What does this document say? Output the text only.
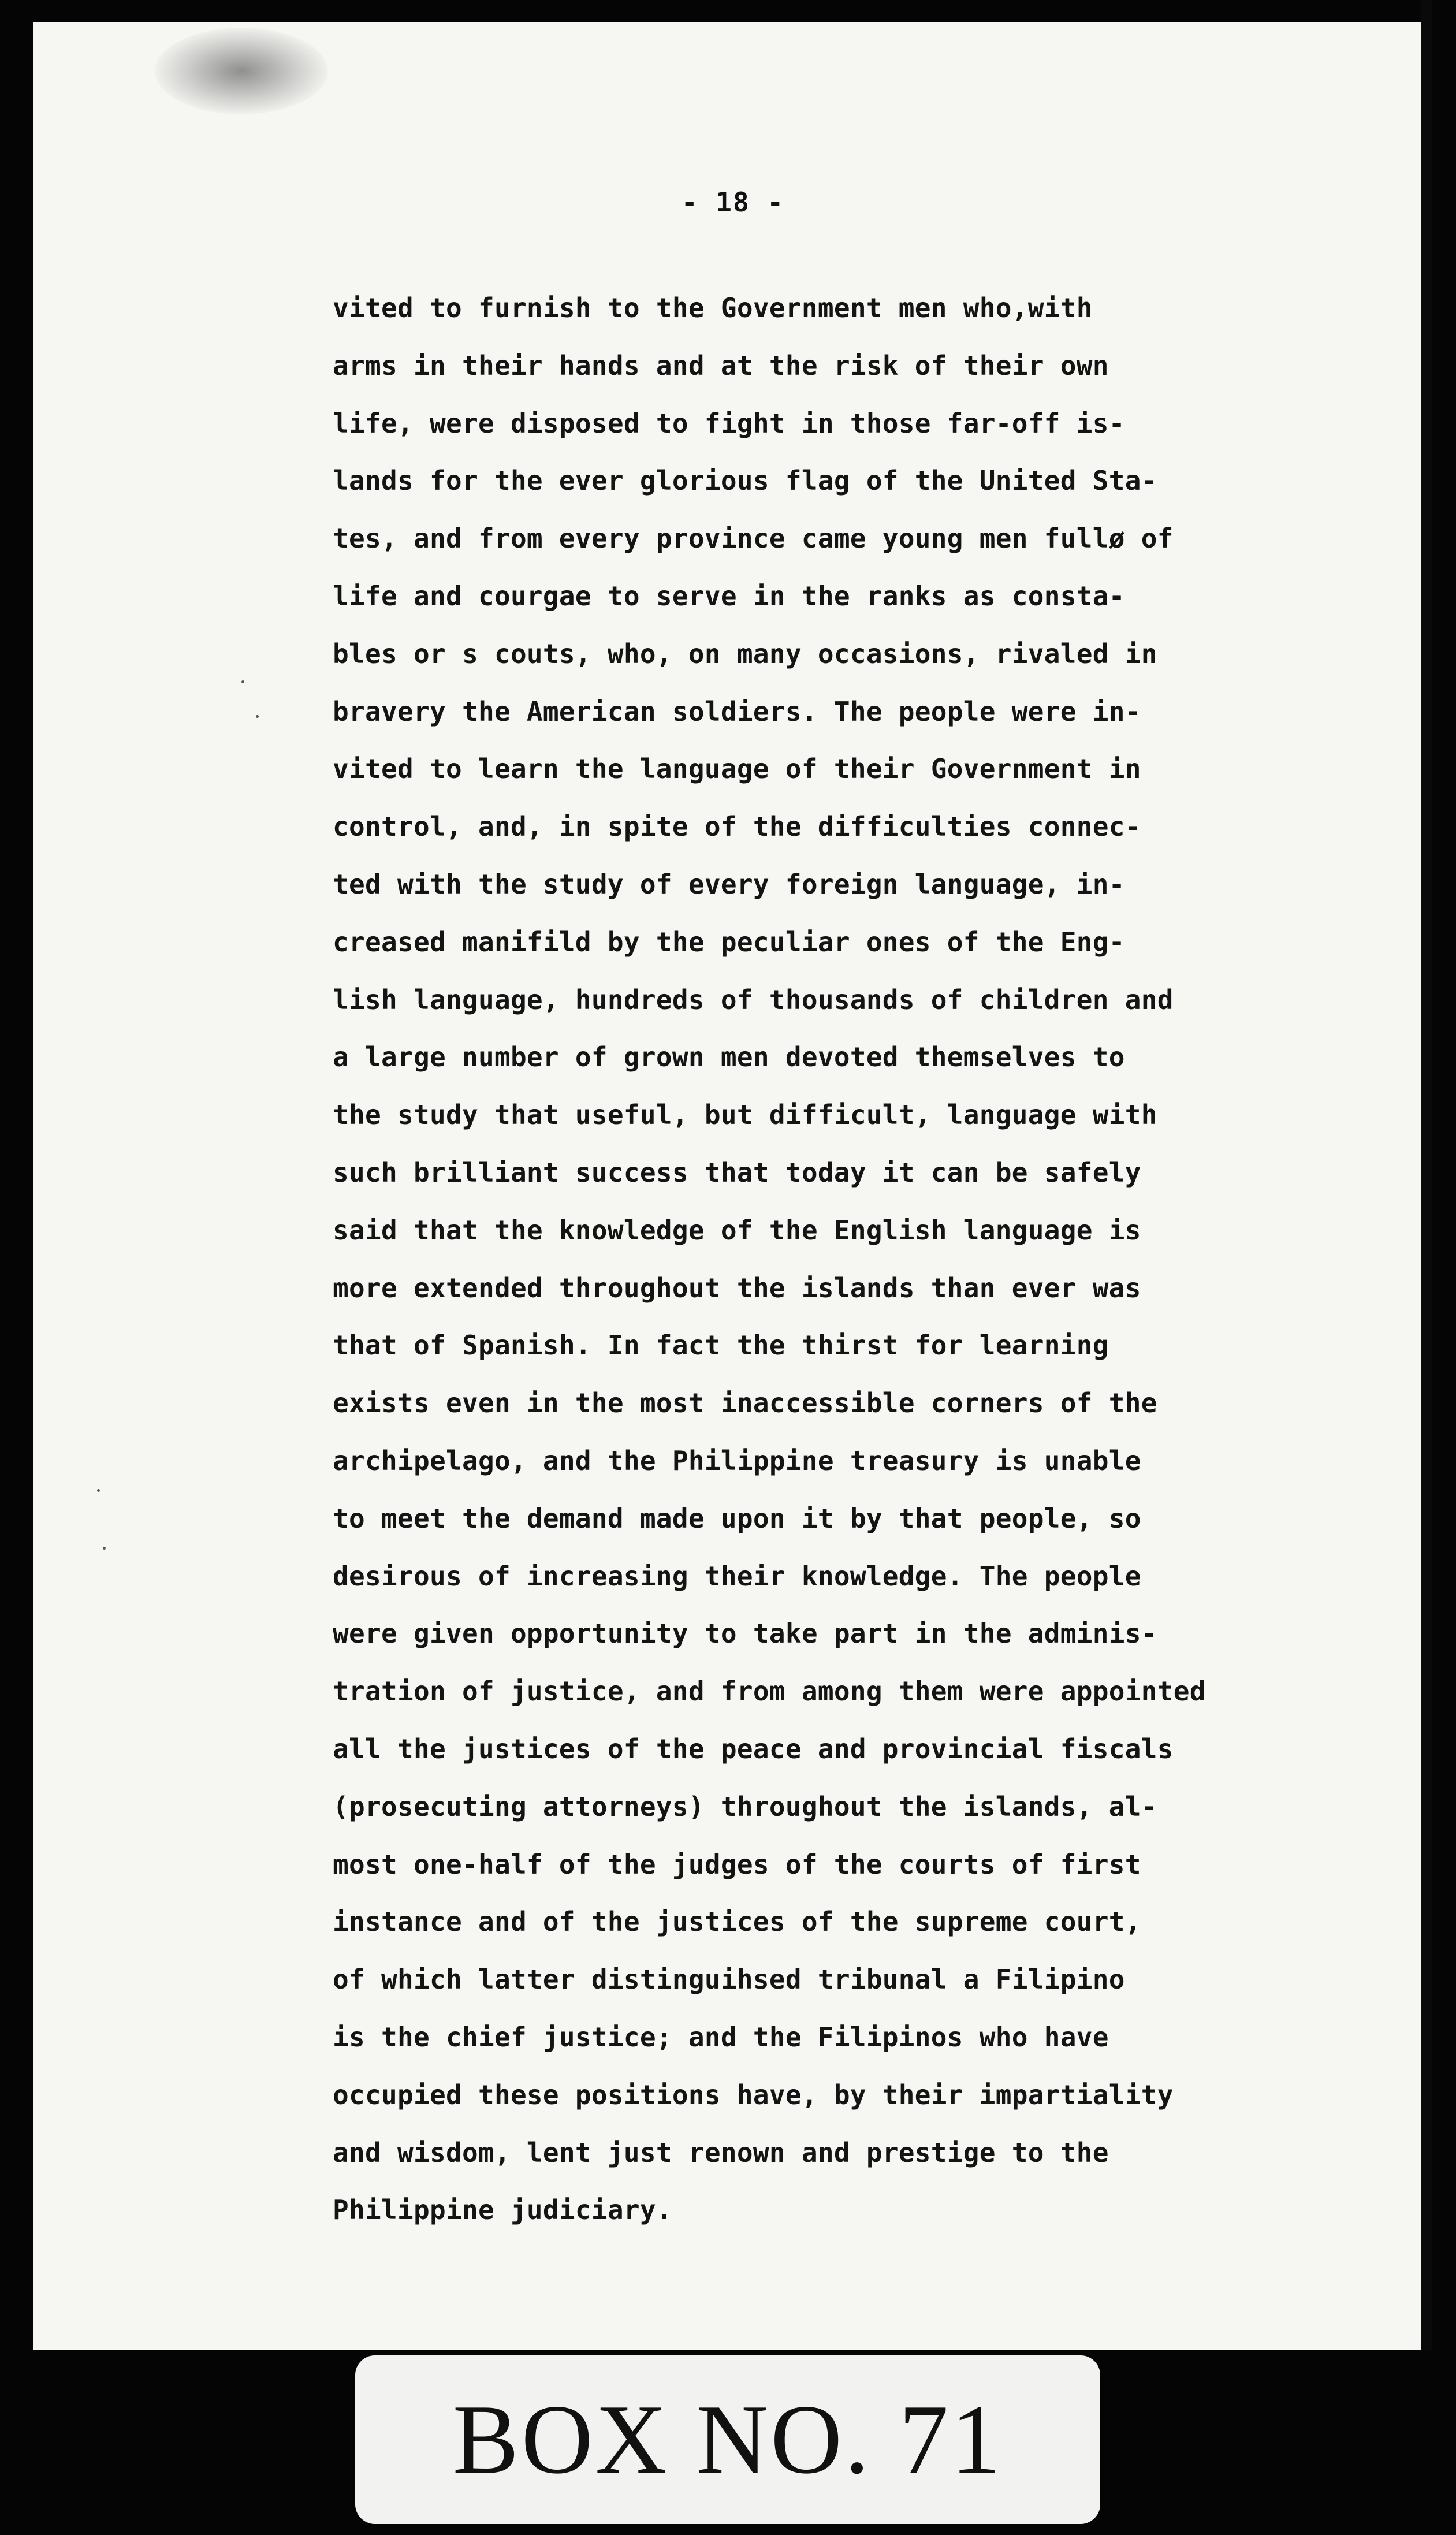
- 18 -
vited to furnish to the Government men who,with
arms in their hands and at the risk of their own
life, were disposed to fight in those far-off is-
lands for the ever glorious flag of the United Sta-
tes, and from every province came young men fullø of
life and courgae to serve in the ranks as consta-
bles or s couts, who, on many occasions, rivaled in
bravery the American soldiers. The people were in-
vited to learn the language of their Government in
control, and, in spite of the difficulties connec-
ted with the study of every foreign language, in-
creased manifild by the peculiar ones of the Eng-
lish language, hundreds of thousands of children and
a large number of grown men devoted themselves to
the study that useful, but difficult, language with
such brilliant success that today it can be safely
said that the knowledge of the English language is
more extended throughout the islands than ever was
that of Spanish. In fact the thirst for learning
exists even in the most inaccessible corners of the
archipelago, and the Philippine treasury is unable
to meet the demand made upon it by that people, so
desirous of increasing their knowledge. The people
were given opportunity to take part in the adminis-
tration of justice, and from among them were appointed
all the justices of the peace and provincial fiscals
(prosecuting attorneys) throughout the islands, al-
most one-half of the judges of the courts of first
instance and of the justices of the supreme court,
of which latter distinguihsed tribunal a Filipino
is the chief justice; and the Filipinos who have
occupied these positions have, by their impartiality
and wisdom, lent just renown and prestige to the
Philippine judiciary.
BOX NO. 71
